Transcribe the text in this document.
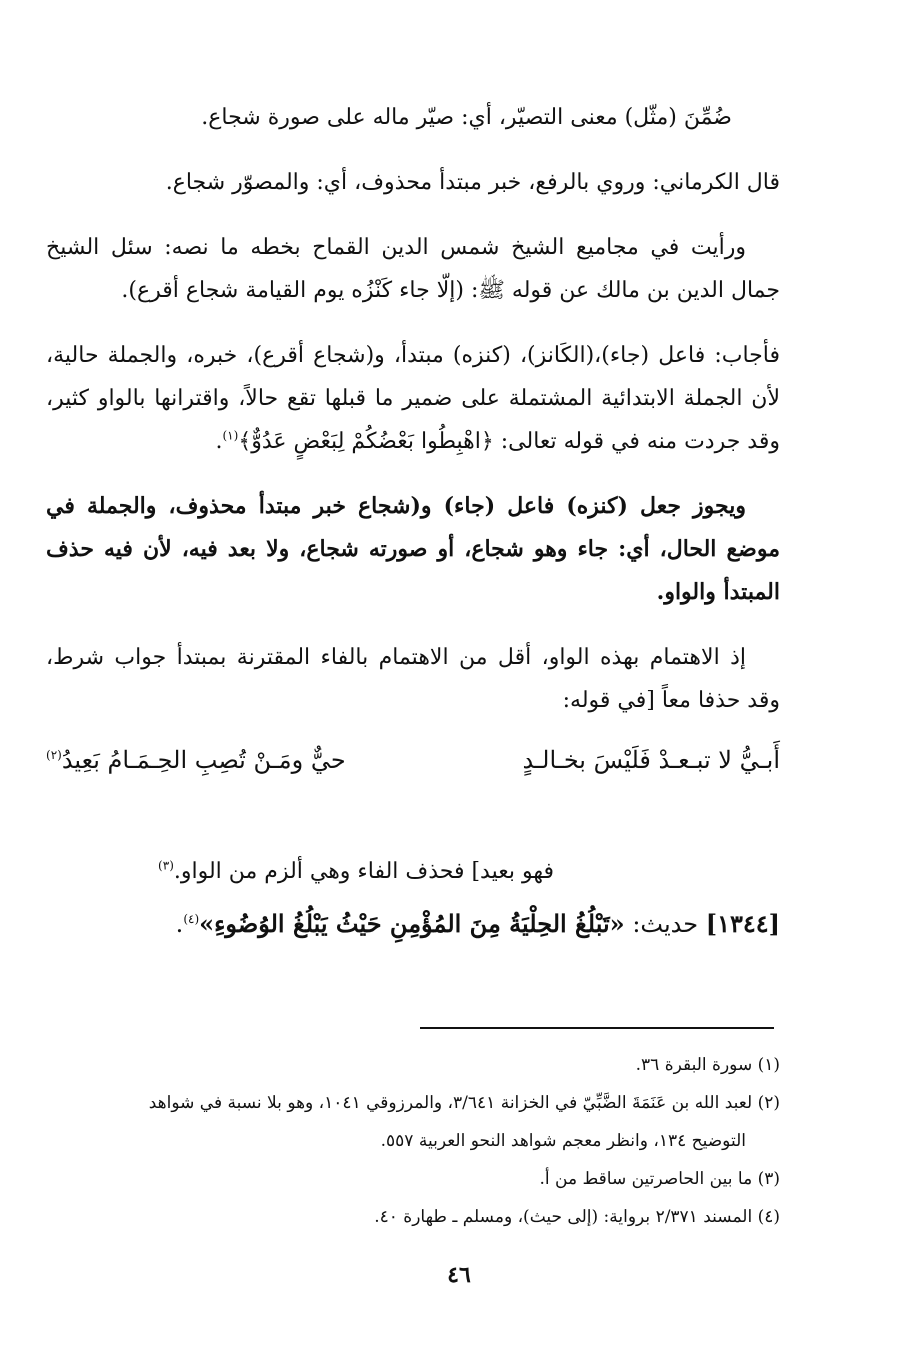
ضُمِّنَ (مثّل) معنى التصيّر، أي: صيّر ماله على صورة شجاع.

قال الكرماني: وروي بالرفع، خبر مبتدأ محذوف، أي: والمصوّر شجاع.

ورأيت في مجاميع الشيخ شمس الدين القماح بخطه ما نصه: سئل الشيخ جمال الدين بن مالك عن قوله ﷺ: (إلّا جاء كَنْزُه يوم القيامة شجاع أقرع).

فأجاب: فاعل (جاء)،(الكَانز)، (كنزه) مبتدأ، و(شجاع أقرع)، خبره، والجملة حالية، لأن الجملة الابتدائية المشتملة على ضمير ما قبلها تقع حالاً، واقترانها بالواو كثير، وقد جردت منه في قوله تعالى: ﴿اهْبِطُوا بَعْضُكُمْ لِبَعْضٍ عَدُوٌّ﴾$^{(١)}$.

ويجوز جعل (كنزه) فاعل (جاء) و(شجاع خبر مبتدأ محذوف، والجملة في موضع الحال، أي: جاء وهو شجاع، أو صورته شجاع، ولا بعد فيه، لأن فيه حذف المبتدأ والواو.

إذ الاهتمام بهذه الواو، أقل من الاهتمام بالفاء المقترنة بمبتدأ جواب شرط، وقد حذفا معاً [في قوله:

أَبـيُّ لا تبـعـدْ فَلَيْسَ بخـالـدٍ
حيٌّ ومَـنْ تُصِبِ الحِـمَـامُ بَعِيدُ$^{(٢)}$

فهو بعيد] فحذف الفاء وهي ألزم من الواو.$^{(٣)}$

[١٣٤٤] حديث: «تَبْلُغُ الحِلْيَةُ مِنَ المُؤْمِنِ حَيْثُ يَبْلُغُ الوُضُوءِ»$^{(٤)}$.

(١) سورة البقرة ٣٦.

(٢) لعبد الله بن عَنَمَةَ الضَّبِّيّ في الخزانة ٣/٦٤١، والمرزوقي ١٠٤١، وهو بلا نسبة في شواهد
التوضيح ١٣٤، وانظر معجم شواهد النحو العربية ٥٥٧.

(٣) ما بين الحاصرتين ساقط من أ.

(٤) المسند ٢/٣٧١ برواية: (إلى حيث)، ومسلم ـ طهارة ٤٠.

٤٦
